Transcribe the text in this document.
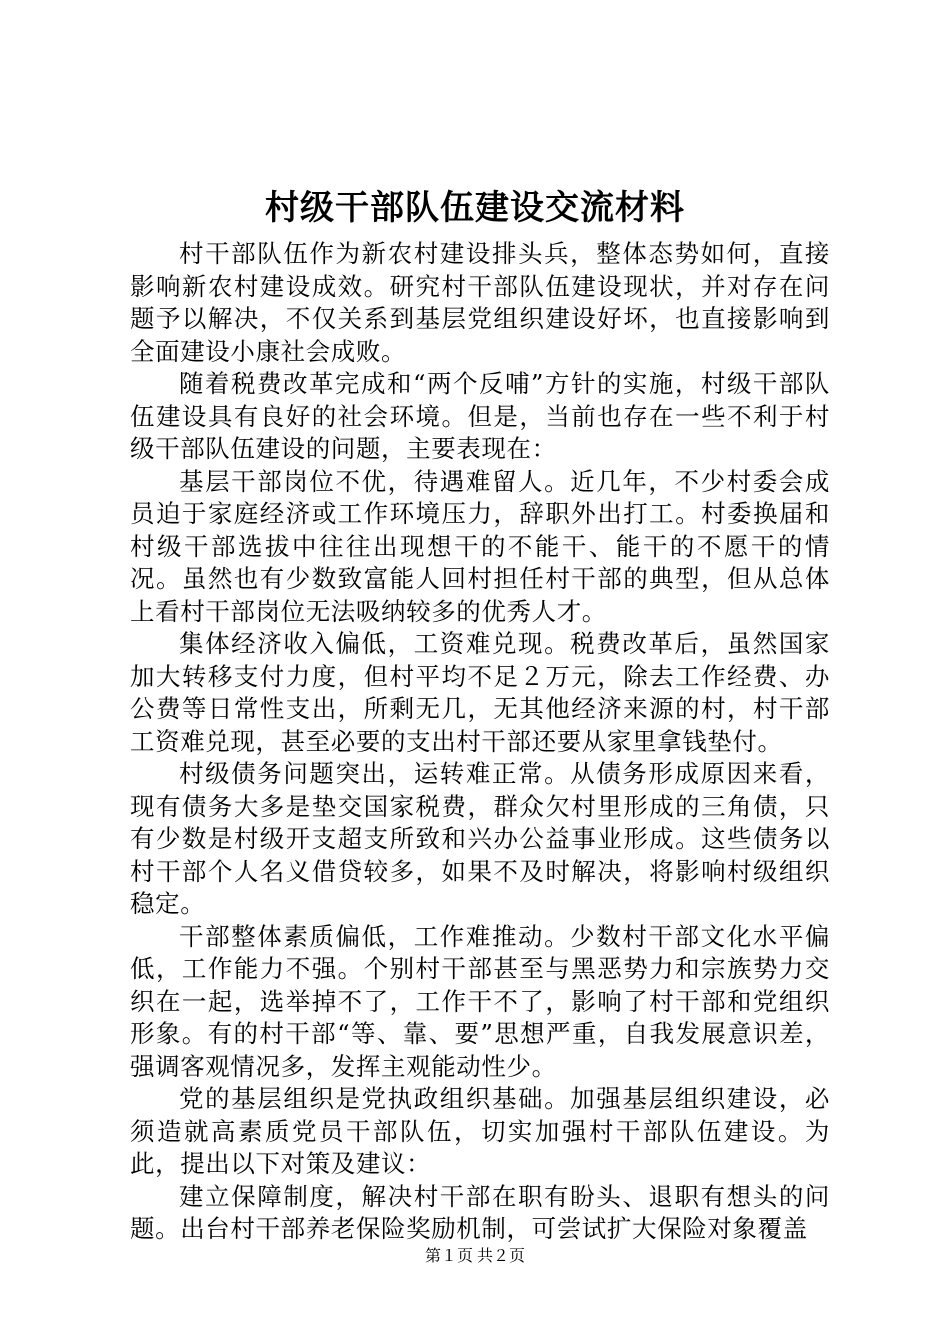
村级干部队伍建设交流材料

村干部队伍作为新农村建设排头兵，整体态势如何，直接影响新农村建设成效。研究村干部队伍建设现状，并对存在问题予以解决，不仅关系到基层党组织建设好坏，也直接影响到全面建设小康社会成败。

随着税费改革完成和“两个反哺”方针的实施，村级干部队伍建设具有良好的社会环境。但是，当前也存在一些不利于村级干部队伍建设的问题，主要表现在：

基层干部岗位不优，待遇难留人。近几年，不少村委会成员迫于家庭经济或工作环境压力，辞职外出打工。村委换届和村级干部选拔中往往出现想干的不能干、能干的不愿干的情况。虽然也有少数致富能人回村担任村干部的典型，但从总体上看村干部岗位无法吸纳较多的优秀人才。

集体经济收入偏低，工资难兑现。税费改革后，虽然国家加大转移支付力度，但村平均不足２万元，除去工作经费、办公费等日常性支出，所剩无几，无其他经济来源的村，村干部工资难兑现，甚至必要的支出村干部还要从家里拿钱垫付。

村级债务问题突出，运转难正常。从债务形成原因来看，现有债务大多是垫交国家税费，群众欠村里形成的三角债，只有少数是村级开支超支所致和兴办公益事业形成。这些债务以村干部个人名义借贷较多，如果不及时解决，将影响村级组织稳定。

干部整体素质偏低，工作难推动。少数村干部文化水平偏低，工作能力不强。个别村干部甚至与黑恶势力和宗族势力交织在一起，选举掉不了，工作干不了，影响了村干部和党组织形象。有的村干部“等、靠、要”思想严重，自我发展意识差，强调客观情况多，发挥主观能动性少。

党的基层组织是党执政组织基础。加强基层组织建设，必须造就高素质党员干部队伍，切实加强村干部队伍建设。为此，提出以下对策及建议：

建立保障制度，解决村干部在职有盼头、退职有想头的问题。出台村干部养老保险奖励机制，可尝试扩大保险对象覆盖

第１页 共２页
